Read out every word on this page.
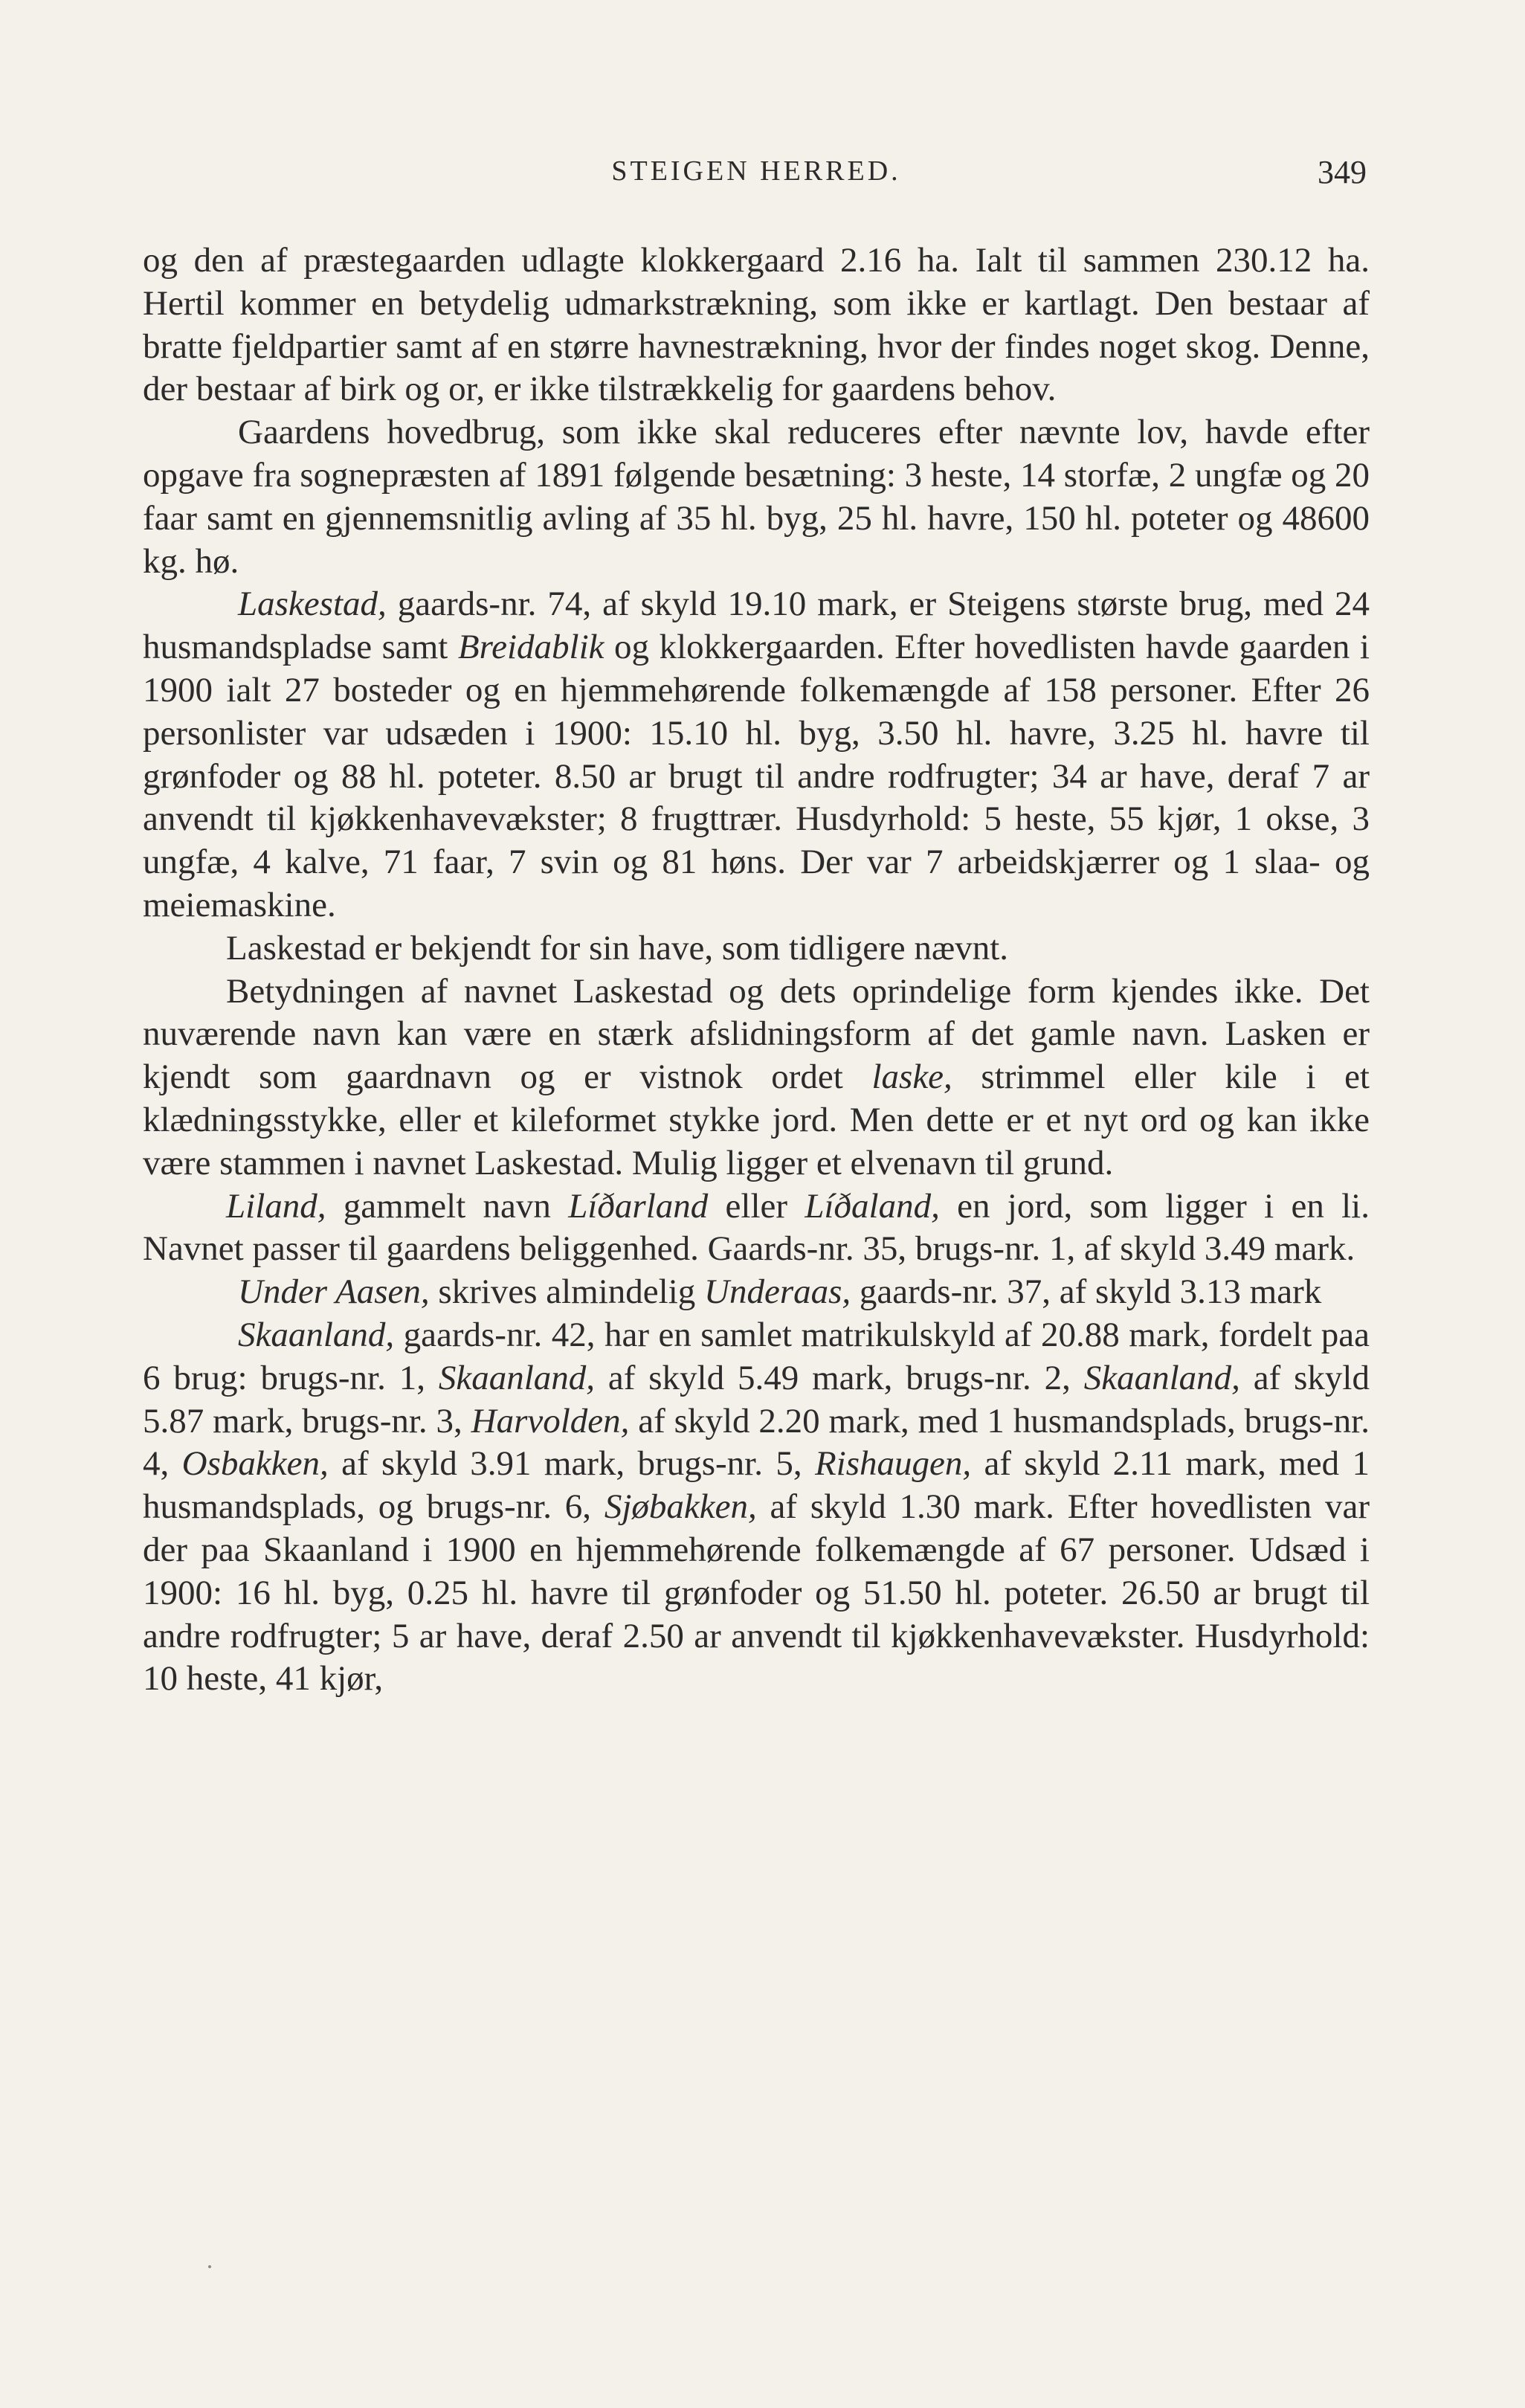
STEIGEN HERRED.	349

og den af præstegaarden udlagte klokkergaard 2.16 ha. Ialt til sammen 230.12 ha. Hertil kommer en betydelig udmarkstrækning, som ikke er kartlagt. Den bestaar af bratte fjeldpartier samt af en større havnestrækning, hvor der findes noget skog. Denne, der bestaar af birk og or, er ikke tilstrækkelig for gaardens behov.

Gaardens hovedbrug, som ikke skal reduceres efter nævnte lov, havde efter opgave fra sognepræsten af 1891 følgende besætning: 3 heste, 14 storfæ, 2 ungfæ og 20 faar samt en gjennemsnitlig avling af 35 hl. byg, 25 hl. havre, 150 hl. poteter og 48600 kg. hø.

Laskestad, gaards-nr. 74, af skyld 19.10 mark, er Steigens største brug, med 24 husmandspladse samt Breidablik og klokkergaarden. Efter hovedlisten havde gaarden i 1900 ialt 27 bosteder og en hjemmehørende folkemængde af 158 personer. Efter 26 personlister var udsæden i 1900: 15.10 hl. byg, 3.50 hl. havre, 3.25 hl. havre til grønfoder og 88 hl. poteter. 8.50 ar brugt til andre rodfrugter; 34 ar have, deraf 7 ar anvendt til kjøkkenhavevækster; 8 frugttrær. Husdyrhold: 5 heste, 55 kjør, 1 okse, 3 ungfæ, 4 kalve, 71 faar, 7 svin og 81 høns. Der var 7 arbeidskjærrer og 1 slaa- og meiemaskine.

Laskestad er bekjendt for sin have, som tidligere nævnt.

Betydningen af navnet Laskestad og dets oprindelige form kjendes ikke. Det nuværende navn kan være en stærk afslidningsform af det gamle navn. Lasken er kjendt som gaardnavn og er vistnok ordet laske, strimmel eller kile i et klædningsstykke, eller et kileformet stykke jord. Men dette er et nyt ord og kan ikke være stammen i navnet Laskestad. Mulig ligger et elvenavn til grund.

Liland, gammelt navn Líðarland eller Líðaland, en jord, som ligger i en li. Navnet passer til gaardens beliggenhed. Gaards-nr. 35, brugs-nr. 1, af skyld 3.49 mark.

Under Aasen, skrives almindelig Underaas, gaards-nr. 37, af skyld 3.13 mark

Skaanland, gaards-nr. 42, har en samlet matrikulskyld af 20.88 mark, fordelt paa 6 brug: brugs-nr. 1, Skaanland, af skyld 5.49 mark, brugs-nr. 2, Skaanland, af skyld 5.87 mark, brugs-nr. 3, Harvolden, af skyld 2.20 mark, med 1 husmandsplads, brugs-nr. 4, Osbakken, af skyld 3.91 mark, brugs-nr. 5, Rishaugen, af skyld 2.11 mark, med 1 husmandsplads, og brugs-nr. 6, Sjøbakken, af skyld 1.30 mark. Efter hovedlisten var der paa Skaanland i 1900 en hjemmehørende folkemængde af 67 personer. Udsæd i 1900: 16 hl. byg, 0.25 hl. havre til grønfoder og 51.50 hl. poteter. 26.50 ar brugt til andre rodfrugter; 5 ar have, deraf 2.50 ar anvendt til kjøkkenhavevækster. Husdyrhold: 10 heste, 41 kjør,
